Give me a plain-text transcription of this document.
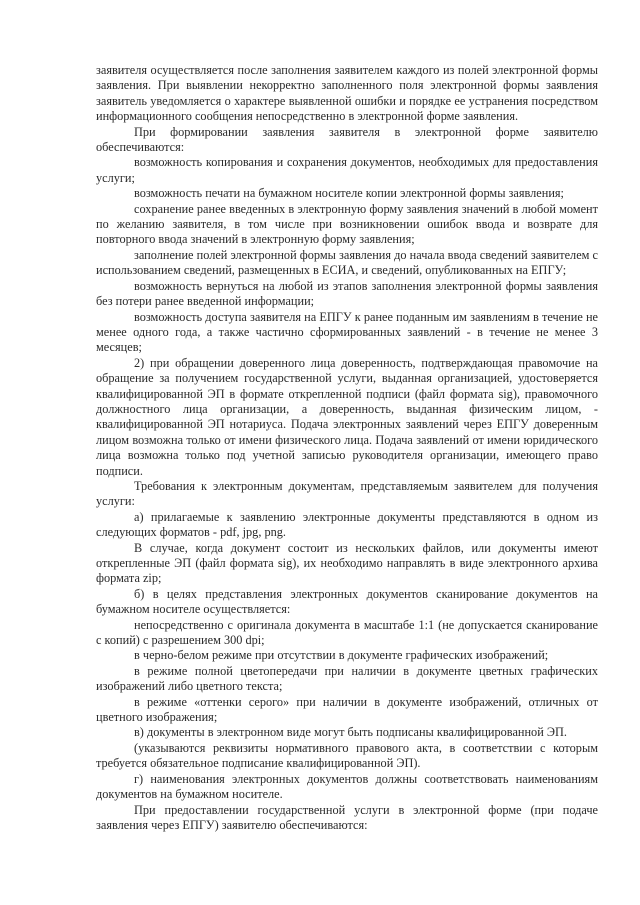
заявителя осуществляется после заполнения заявителем каждого из полей электронной формы заявления. При выявлении некорректно заполненного поля электронной формы заявления заявитель уведомляется о характере выявленной ошибки и порядке ее устранения посредством информационного сообщения непосредственно в электронной форме заявления.

При формировании заявления заявителя в электронной форме заявителю обеспечиваются:

возможность копирования и сохранения документов, необходимых для предоставления услуги;

возможность печати на бумажном носителе копии электронной формы заявления;

сохранение ранее введенных в электронную форму заявления значений в любой момент по желанию заявителя, в том числе при возникновении ошибок ввода и возврате для повторного ввода значений в электронную форму заявления;

заполнение полей электронной формы заявления до начала ввода сведений заявителем с использованием сведений, размещенных в ЕСИА, и сведений, опубликованных на ЕПГУ;

возможность вернуться на любой из этапов заполнения электронной формы заявления без потери ранее введенной информации;

возможность доступа заявителя на ЕПГУ к ранее поданным им заявлениям в течение не менее одного года, а также частично сформированных заявлений - в течение не менее 3 месяцев;

2) при обращении доверенного лица доверенность, подтверждающая правомочие на обращение за получением государственной услуги, выданная организацией, удостоверяется квалифицированной ЭП в формате открепленной подписи (файл формата sig), правомочного должностного лица организации, а доверенность, выданная физическим лицом, - квалифицированной ЭП нотариуса. Подача электронных заявлений через ЕПГУ доверенным лицом возможна только от имени физического лица. Подача заявлений от имени юридического лица возможна только под учетной записью руководителя организации, имеющего право подписи.

Требования к электронным документам, представляемым заявителем для получения услуги:

а) прилагаемые к заявлению электронные документы представляются в одном из следующих форматов - pdf, jpg, png.

В случае, когда документ состоит из нескольких файлов, или документы имеют открепленные ЭП (файл формата sig), их необходимо направлять в виде электронного архива формата zip;

б) в целях представления электронных документов сканирование документов на бумажном носителе осуществляется:

непосредственно с оригинала документа в масштабе 1:1 (не допускается сканирование с копий) с разрешением 300 dpi;

в черно-белом режиме при отсутствии в документе графических изображений;

в режиме полной цветопередачи при наличии в документе цветных графических изображений либо цветного текста;

в режиме «оттенки серого» при наличии в документе изображений, отличных от цветного изображения;

в) документы в электронном виде могут быть подписаны квалифицированной ЭП.

(указываются реквизиты нормативного правового акта, в соответствии с которым требуется обязательное подписание квалифицированной ЭП).

г) наименования электронных документов должны соответствовать наименованиям документов на бумажном носителе.

При предоставлении государственной услуги в электронной форме (при подаче заявления через ЕПГУ) заявителю обеспечиваются:
